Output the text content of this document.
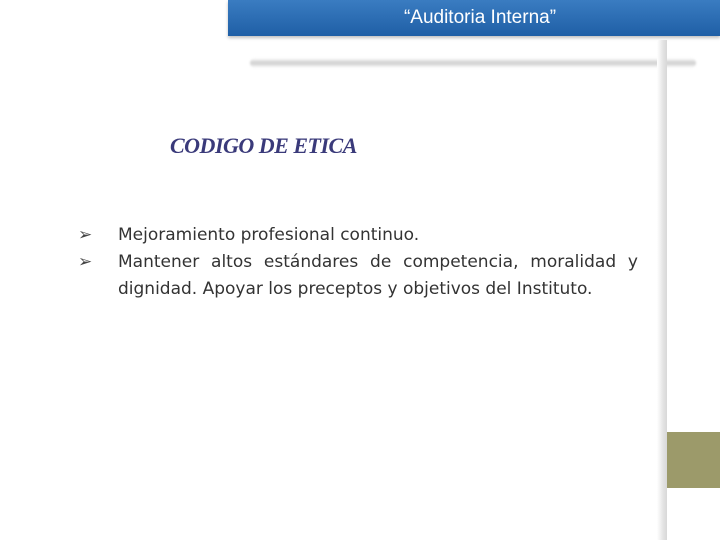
“Auditoria Interna”
CODIGO DE ETICA
➢	Mejoramiento profesional continuo.
➢	Mantener altos estándares de competencia, moralidad y dignidad. Apoyar los preceptos y objetivos del Instituto.
